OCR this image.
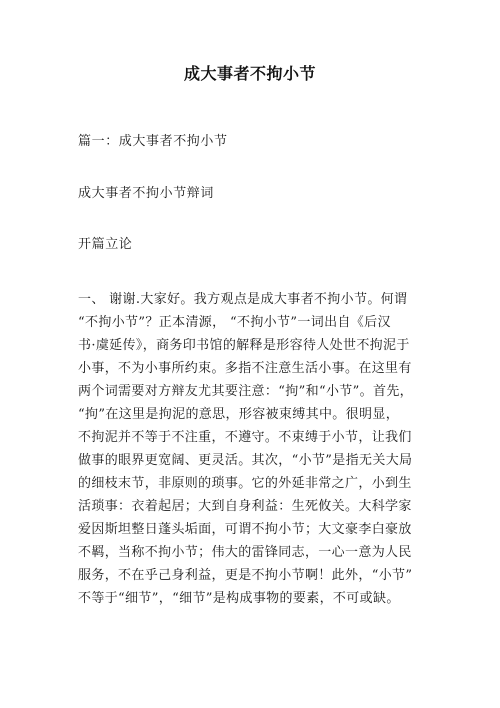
成大事者不拘小节
篇一：成大事者不拘小节
成大事者不拘小节辩词
开篇立论
一、 谢谢.大家好。我方观点是成大事者不拘小节。何谓
“不拘小节”？正本清源， “不拘小节”一词出自《后汉
书·虞延传》，商务印书馆的解释是形容待人处世不拘泥于
小事，不为小事所约束。多指不注意生活小事。在这里有
两个词需要对方辩友尤其要注意：“拘”和“小节”。首先，
“拘”在这里是拘泥的意思，形容被束缚其中。很明显，
不拘泥并不等于不注重，不遵守。不束缚于小节，让我们
做事的眼界更宽阔、更灵活。其次，“小节”是指无关大局
的细枝末节，非原则的琐事。它的外延非常之广，小到生
活琐事：衣着起居；大到自身利益：生死攸关。大科学家
爱因斯坦整日蓬头垢面，可谓不拘小节；大文豪李白豪放
不羁，当称不拘小节；伟大的雷锋同志，一心一意为人民
服务，不在乎己身利益，更是不拘小节啊！此外，“小节”
不等于“细节”，“细节”是构成事物的要素，不可或缺。
